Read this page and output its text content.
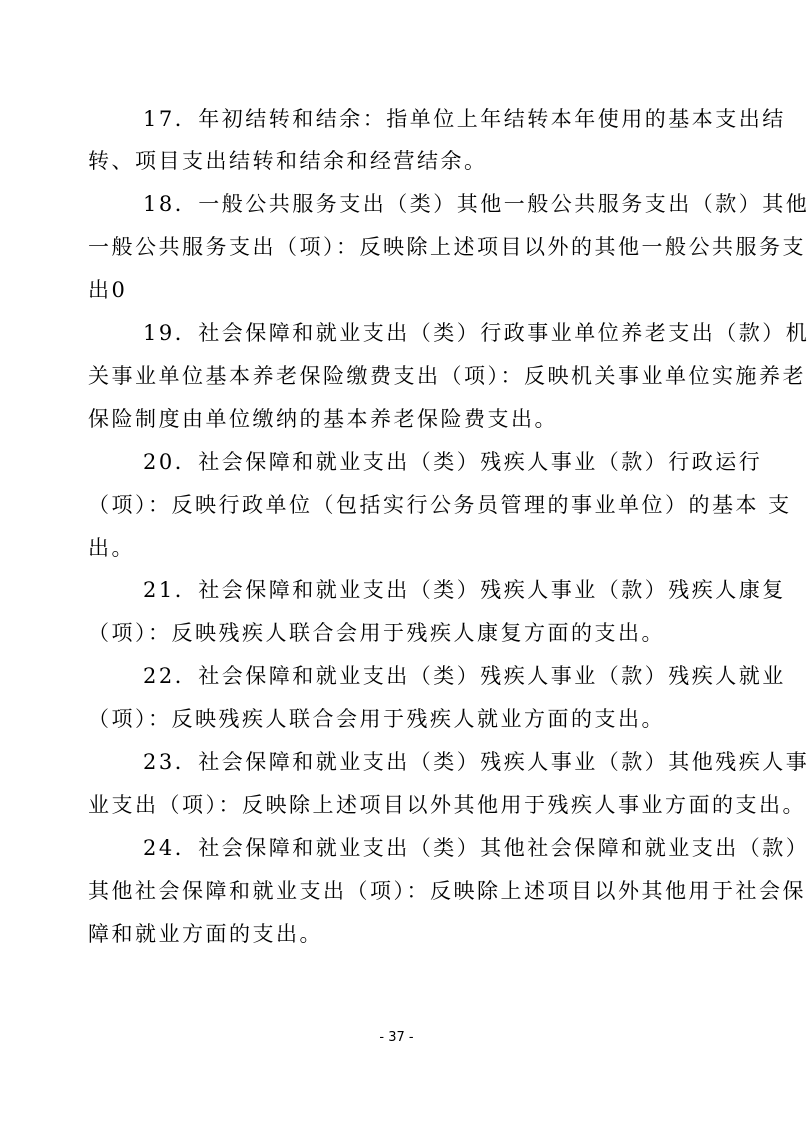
17．年初结转和结余：指单位上年结转本年使用的基本支出结
转、项目支出结转和结余和经营结余。
18．一般公共服务支出（类）其他一般公共服务支出（款）其他
一般公共服务支出（项）：反映除上述项目以外的其他一般公共服务支
出0
19．社会保障和就业支出（类）行政事业单位养老支出（款）机
关事业单位基本养老保险缴费支出（项）：反映机关事业单位实施养老
保险制度由单位缴纳的基本养老保险费支出。
20．社会保障和就业支出（类）残疾人事业（款）行政运行
（项）：反映行政单位（包括实行公务员管理的事业单位）的基本 支
出。
21．社会保障和就业支出（类）残疾人事业（款）残疾人康复
（项）：反映残疾人联合会用于残疾人康复方面的支出。
22．社会保障和就业支出（类）残疾人事业（款）残疾人就业
（项）：反映残疾人联合会用于残疾人就业方面的支出。
23．社会保障和就业支出（类）残疾人事业（款）其他残疾人事
业支出（项）：反映除上述项目以外其他用于残疾人事业方面的支出。
24．社会保障和就业支出（类）其他社会保障和就业支出（款）
其他社会保障和就业支出（项）：反映除上述项目以外其他用于社会保
障和就业方面的支出。
- 37 -
